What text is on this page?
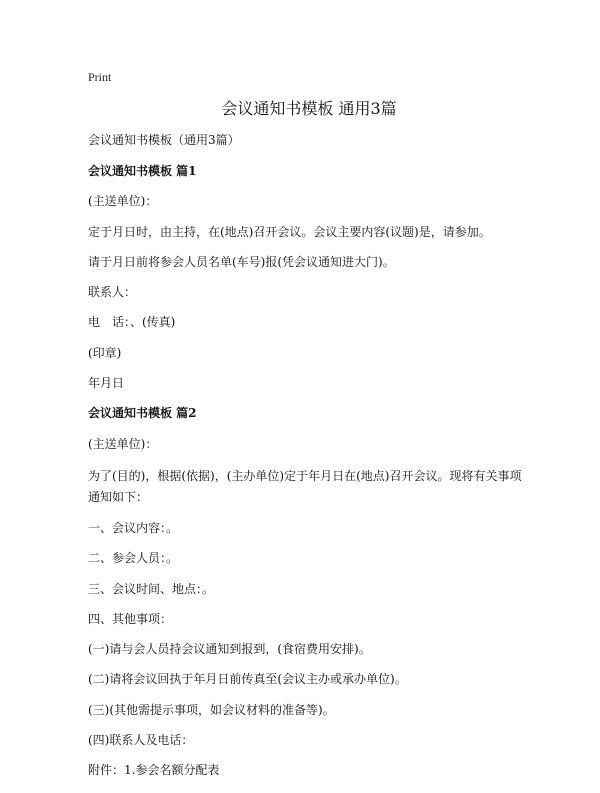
Print
会议通知书模板 通用3篇
会议通知书模板（通用3篇）
会议通知书模板 篇1
(主送单位)：
定于月日时，由主持，在(地点)召开会议。会议主要内容(议题)是，请参加。
请于月日前将参会人员名单(车号)报(凭会议通知进大门)。
联系人：
电　话：、(传真)
(印章)
年月日
会议通知书模板 篇2
(主送单位)：
为了(目的)，根据(依据)，(主办单位)定于年月日在(地点)召开会议。现将有关事项通知如下：
一、会议内容：。
二、参会人员：。
三、会议时间、地点：。
四、其他事项：
(一)请与会人员持会议通知到报到，(食宿费用安排)。
(二)请将会议回执于年月日前传真至(会议主办或承办单位)。
(三)(其他需提示事项，如会议材料的准备等)。
(四)联系人及电话：
附件：1.参会名额分配表
